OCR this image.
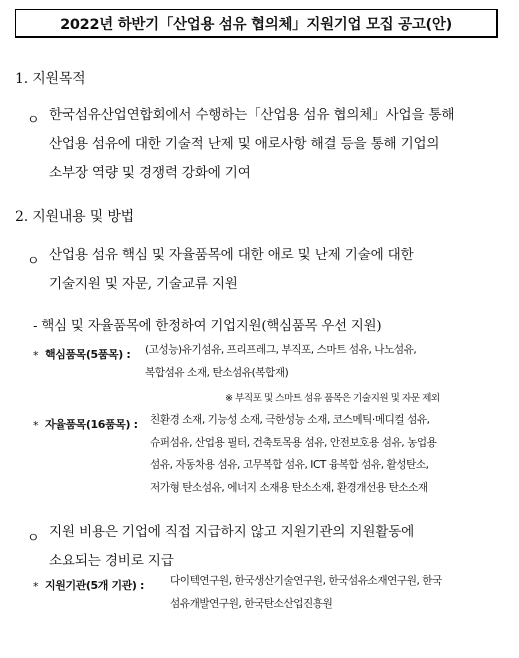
2022년 하반기「산업용 섬유 협의체」지원기업 모집 공고(안)
1. 지원목적
ㅇ 한국섬유산업연합회에서 수행하는「산업용 섬유 협의체」사업을 통해
산업용 섬유에 대한 기술적 난제 및 애로사항 해결 등을 통해 기업의
소부장 역량 및 경쟁력 강화에 기여
2. 지원내용 및 방법
ㅇ 산업용 섬유 핵심 및 자율품목에 대한 애로 및 난제 기술에 대한
기술지원 및 자문, 기술교류 지원
- 핵심 및 자율품목에 한정하여 기업지원(핵심품목 우선 지원)
* 핵심품목(5품목) : (고성능)유기섬유, 프리프레그, 부직포, 스마트 섬유, 나노섬유,
복합섬유 소재, 탄소섬유(복합재)
※ 부직포 및 스마트 섬유 품목은 기술지원 및 자문 제외
* 자율품목(16품목) : 친환경 소재, 기능성 소재, 극한성능 소재, 코스메틱·메디컬 섬유,
슈퍼섬유, 산업용 필터, 건축토목용 섬유, 안전보호용 섬유, 농업용
섬유, 자동차용 섬유, 고무복합 섬유, ICT 융복합 섬유, 활성탄소,
저가형 탄소섬유, 에너지 소재용 탄소소재, 환경개선용 탄소소재
ㅇ 지원 비용은 기업에 직접 지급하지 않고 지원기관의 지원활동에
소요되는 경비로 지급
* 지원기관(5개 기관) : 다이텍연구원, 한국생산기술연구원, 한국섬유소재연구원, 한국
섬유개발연구원, 한국탄소산업진흥원
